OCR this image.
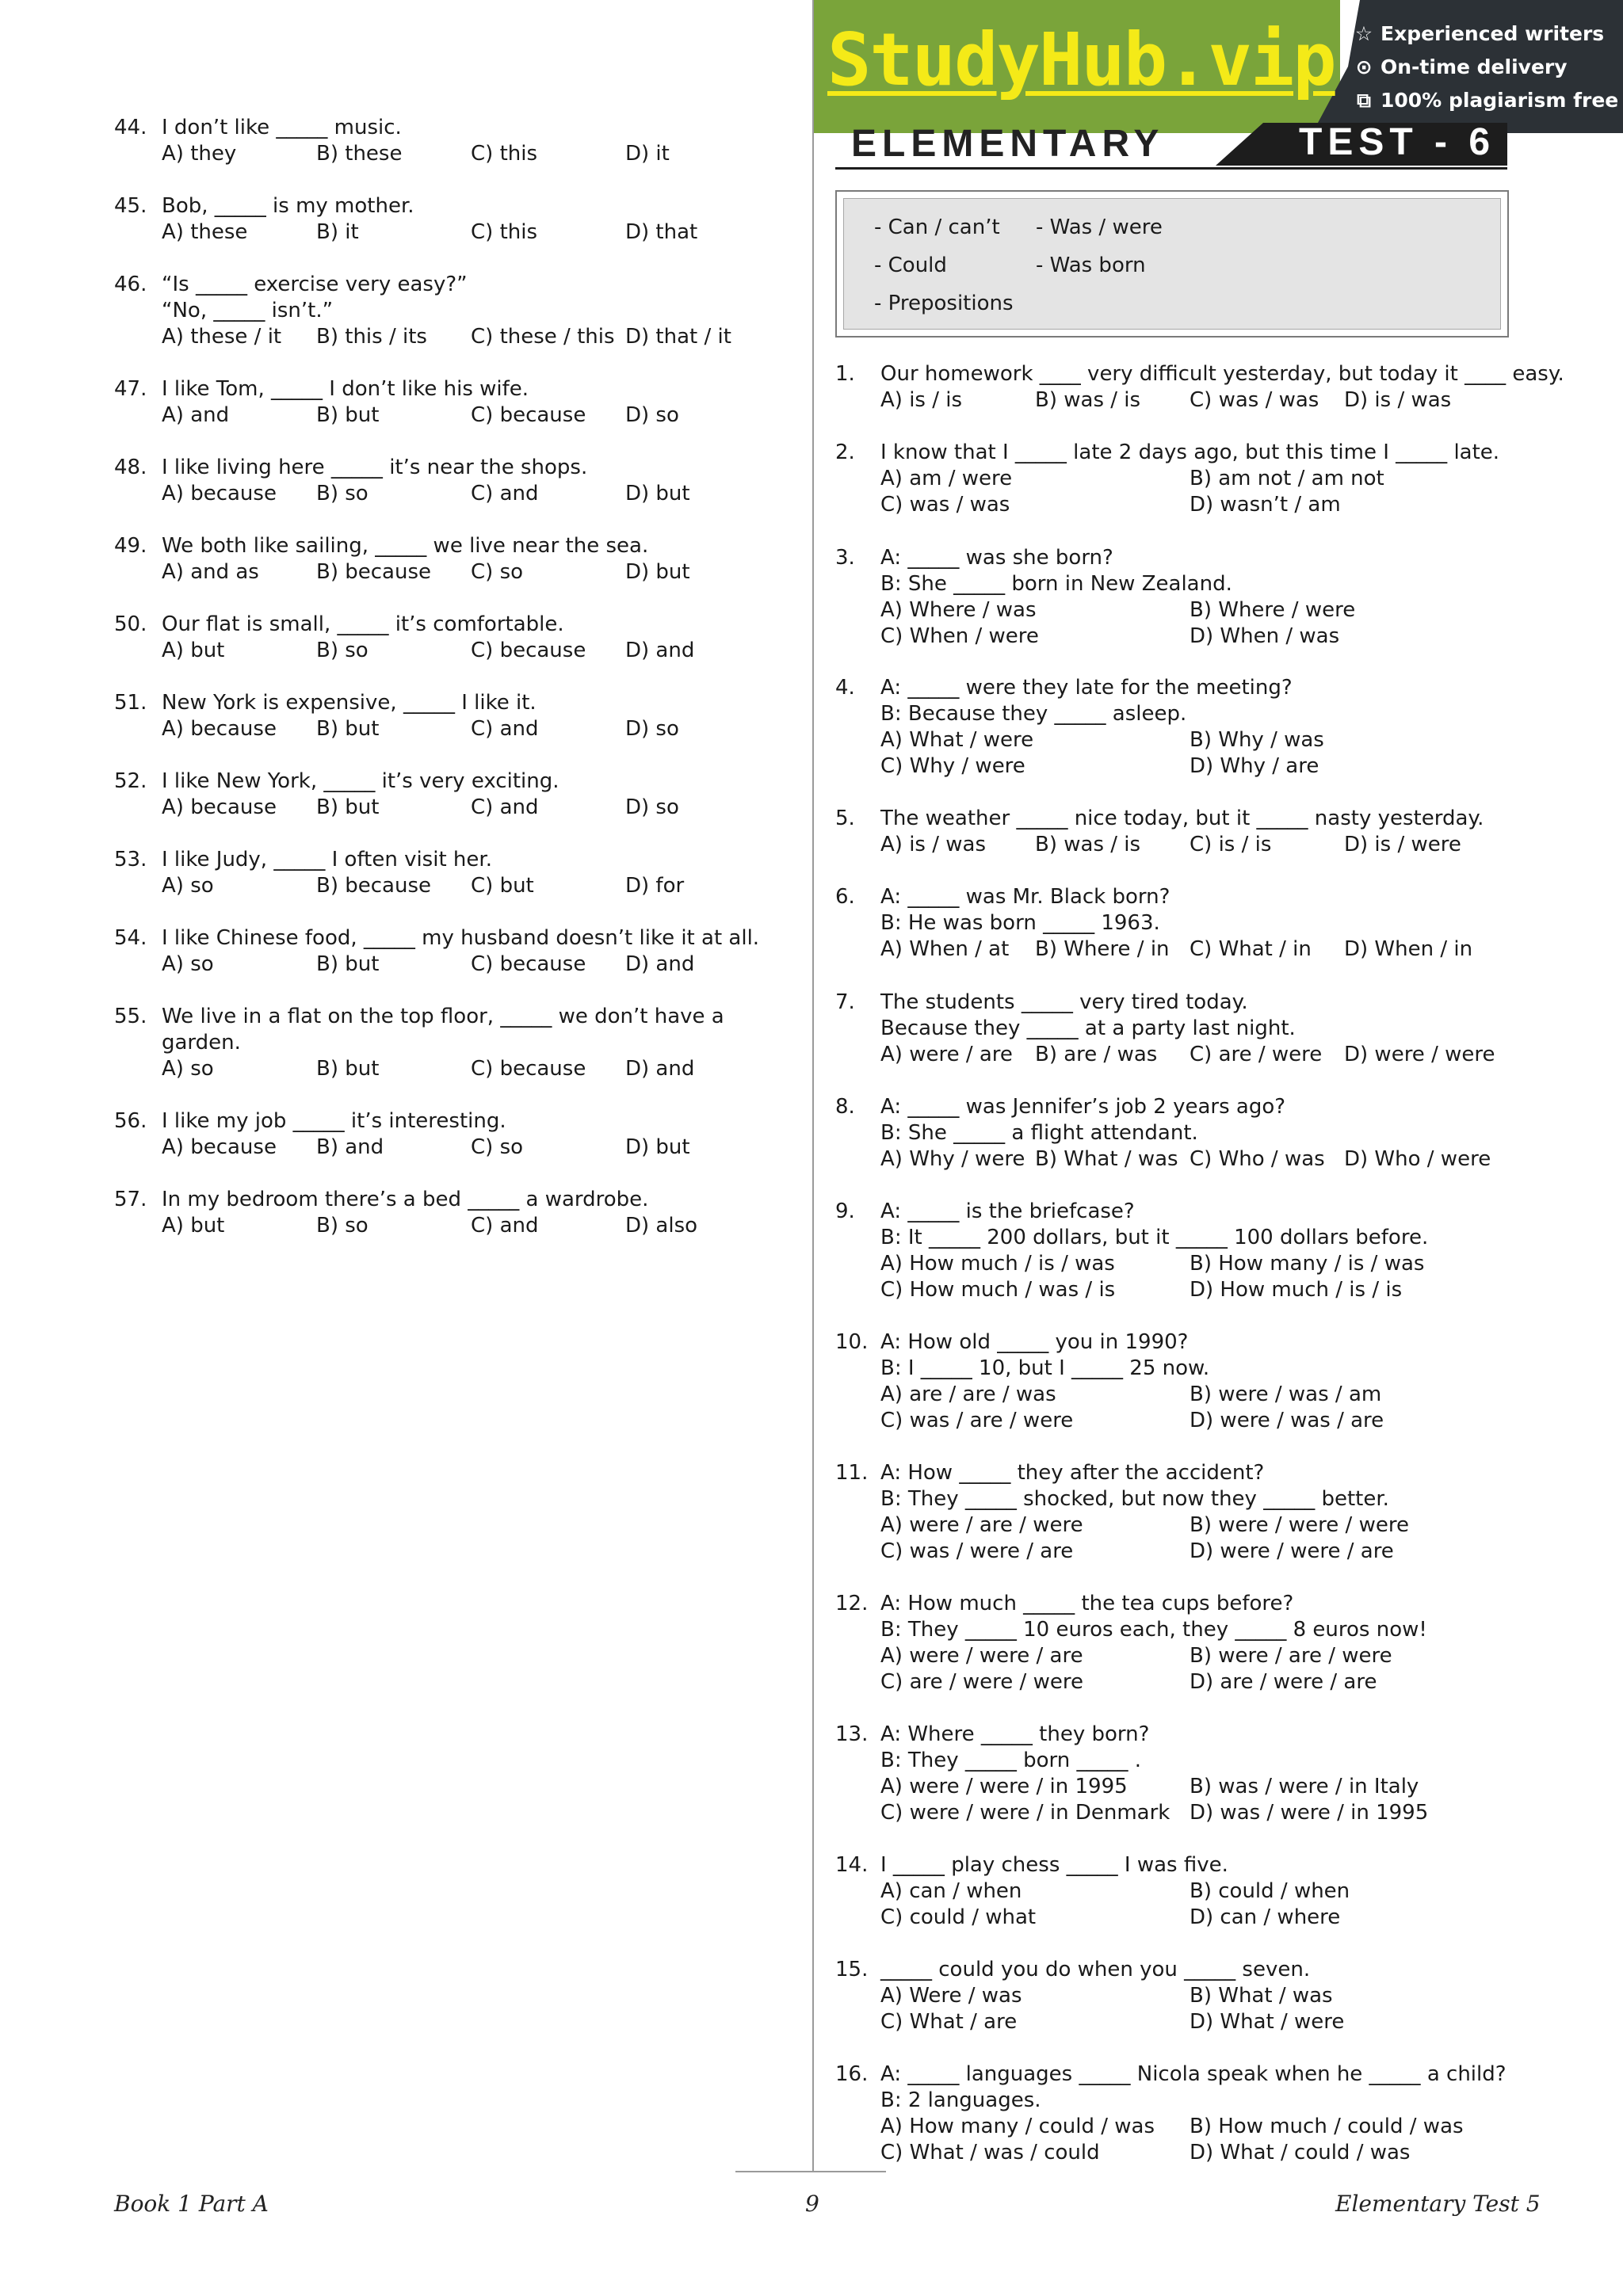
StudyHub.vip ☆ Experienced writers
⊙ On-time delivery
⧉ 100% plagiarism free
ELEMENTARY	TEST - 6
- Can / can’t - Was / were
- Could	- Was born
- Prepositions
44. I don’t like _____ music.
A) they	B) these	C) this	D) it
45. Bob, _____ is my mother.
A) these	B) it	C) this	D) that
46. “Is _____ exercise very easy?”
“No, _____ isn’t.”
A) these / it	B) this / its	C) these / this D) that / it
47. I like Tom, _____ I don’t like his wife.
A) and	B) but	C) because	D) so
48. I like living here _____ it’s near the shops.
A) because	B) so	C) and	D) but
49. We both like sailing, _____ we live near the sea.
A) and as	B) because	C) so	D) but
50. Our flat is small, _____ it’s comfortable.
A) but	B) so	C) because	D) and
51. New York is expensive, _____ I like it.
A) because	B) but	C) and	D) so
52. I like New York, _____ it’s very exciting.
A) because	B) but	C) and	D) so
53. I like Judy, _____ I often visit her.
A) so	B) because	C) but	D) for
54. I like Chinese food, _____ my husband doesn’t like it at all.
A) so	B) but	C) because	D) and
55. We live in a flat on the top floor, _____ we don’t have a garden.
A) so	B) but	C) because	D) and
56. I like my job _____ it’s interesting.
A) because	B) and	C) so	D) but
57. In my bedroom there’s a bed _____ a wardrobe.
A) but	B) so	C) and	D) also
1. Our homework ____ very difficult yesterday, but today it ____ easy.
A) is / is	B) was / is	C) was / was	D) is / was
2. I know that I _____ late 2 days ago, but this time I _____ late.
A) am / were	B) am not / am not
C) was / was	D) wasn’t / am
3. A: _____ was she born?
B: She _____ born in New Zealand.
A) Where / was	B) Where / were
C) When / were	D) When / was
4. A: _____ were they late for the meeting?
B: Because they _____ asleep.
A) What / were	B) Why / was
C) Why / were	D) Why / are
5. The weather _____ nice today, but it _____ nasty yesterday.
A) is / was	B) was / is	C) is / is	D) is / were
6. A: _____ was Mr. Black born?
B: He was born _____ 1963.
A) When / at	B) Where / in C) What / in	D) When / in
7. The students _____ very tired today.
Because they _____ at a party last night.
A) were / are	B) are / was	C) are / were	D) were / were
8. A: _____ was Jennifer’s job 2 years ago?
B: She _____ a flight attendant.
A) Why / were B) What / was C) Who / was D) Who / were
9. A: _____ is the briefcase?
B: It _____ 200 dollars, but it _____ 100 dollars before.
A) How much / is / was	B) How many / is / was
C) How much / was / is	D) How much / is / is
10. A: How old _____ you in 1990?
B: I _____ 10, but I _____ 25 now.
A) are / are / was	B) were / was / am
C) was / are / were	D) were / was / are
11. A: How _____ they after the accident?
B: They _____ shocked, but now they _____ better.
A) were / are / were	B) were / were / were
C) was / were / are	D) were / were / are
12. A: How much _____ the tea cups before?
B: They _____ 10 euros each, they _____ 8 euros now!
A) were / were / are	B) were / are / were
C) are / were / were	D) are / were / are
13. A: Where _____ they born?
B: They _____ born _____ .
A) were / were / in 1995	B) was / were / in Italy
C) were / were / in Denmark D) was / were / in 1995
14. I _____ play chess _____ I was five.
A) can / when	B) could / when
C) could / what	D) can / where
15. _____ could you do when you _____ seven.
A) Were / was	B) What / was
C) What / are	D) What / were
16. A: _____ languages _____ Nicola speak when he _____ a child?
B: 2 languages.
A) How many / could / was	B) How much / could / was
C) What / was / could	D) What / could / was
Book 1 Part A	9	Elementary Test 5
